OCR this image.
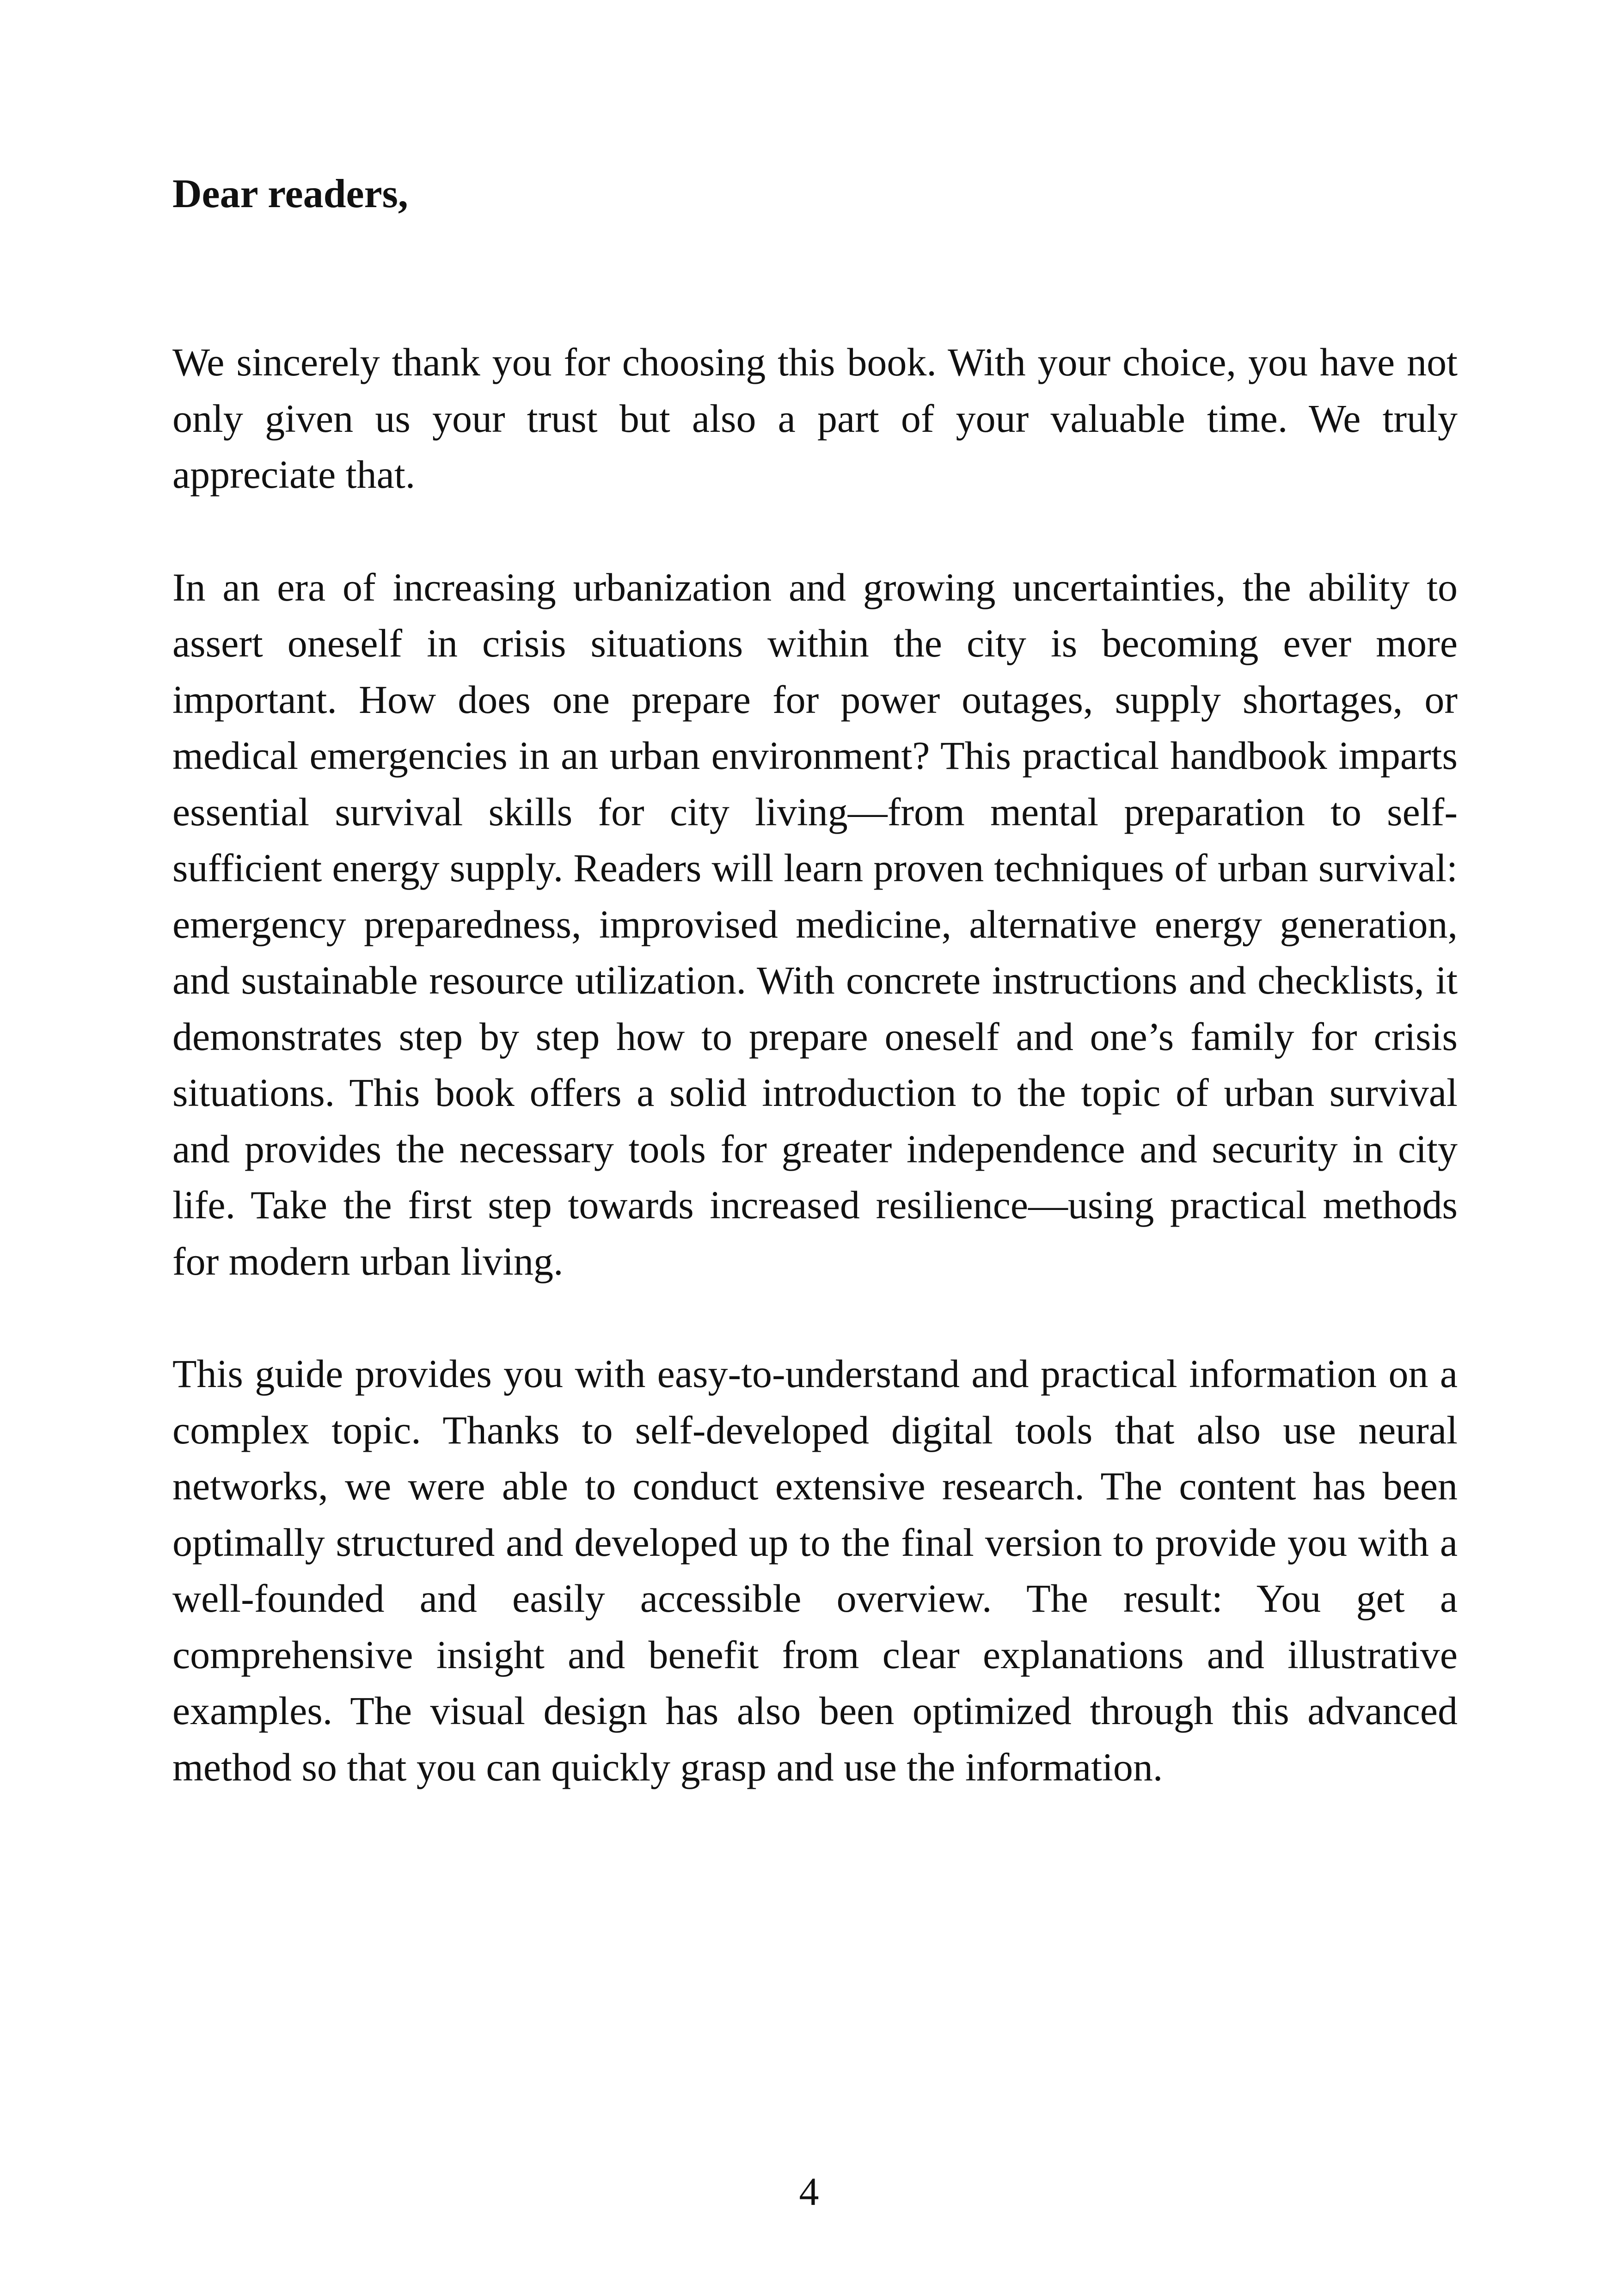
Dear readers,

We sincerely thank you for choosing this book. With your choice, you have not only given us your trust but also a part of your valuable time. We truly appreciate that.

In an era of increasing urbanization and growing uncertainties, the ability to assert oneself in crisis situations within the city is becoming ever more important. How does one prepare for power outages, supply shortages, or medical emergencies in an urban environment? This practical handbook imparts essential survival skills for city living—from mental preparation to self-sufficient energy supply. Readers will learn proven techniques of urban survival: emergency preparedness, improvised medicine, alternative energy generation, and sustainable resource utilization. With concrete instructions and checklists, it demonstrates step by step how to prepare oneself and one’s family for crisis situations. This book offers a solid introduction to the topic of urban survival and provides the necessary tools for greater independence and security in city life. Take the first step towards increased resilience—using practical methods for modern urban living.

This guide provides you with easy-to-understand and practical information on a complex topic. Thanks to self-developed digital tools that also use neural networks, we were able to conduct extensive research. The content has been optimally structured and developed up to the final version to provide you with a well-founded and easily accessible overview. The result: You get a comprehensive insight and benefit from clear explanations and illustrative examples. The visual design has also been optimized through this advanced method so that you can quickly grasp and use the information.

4
